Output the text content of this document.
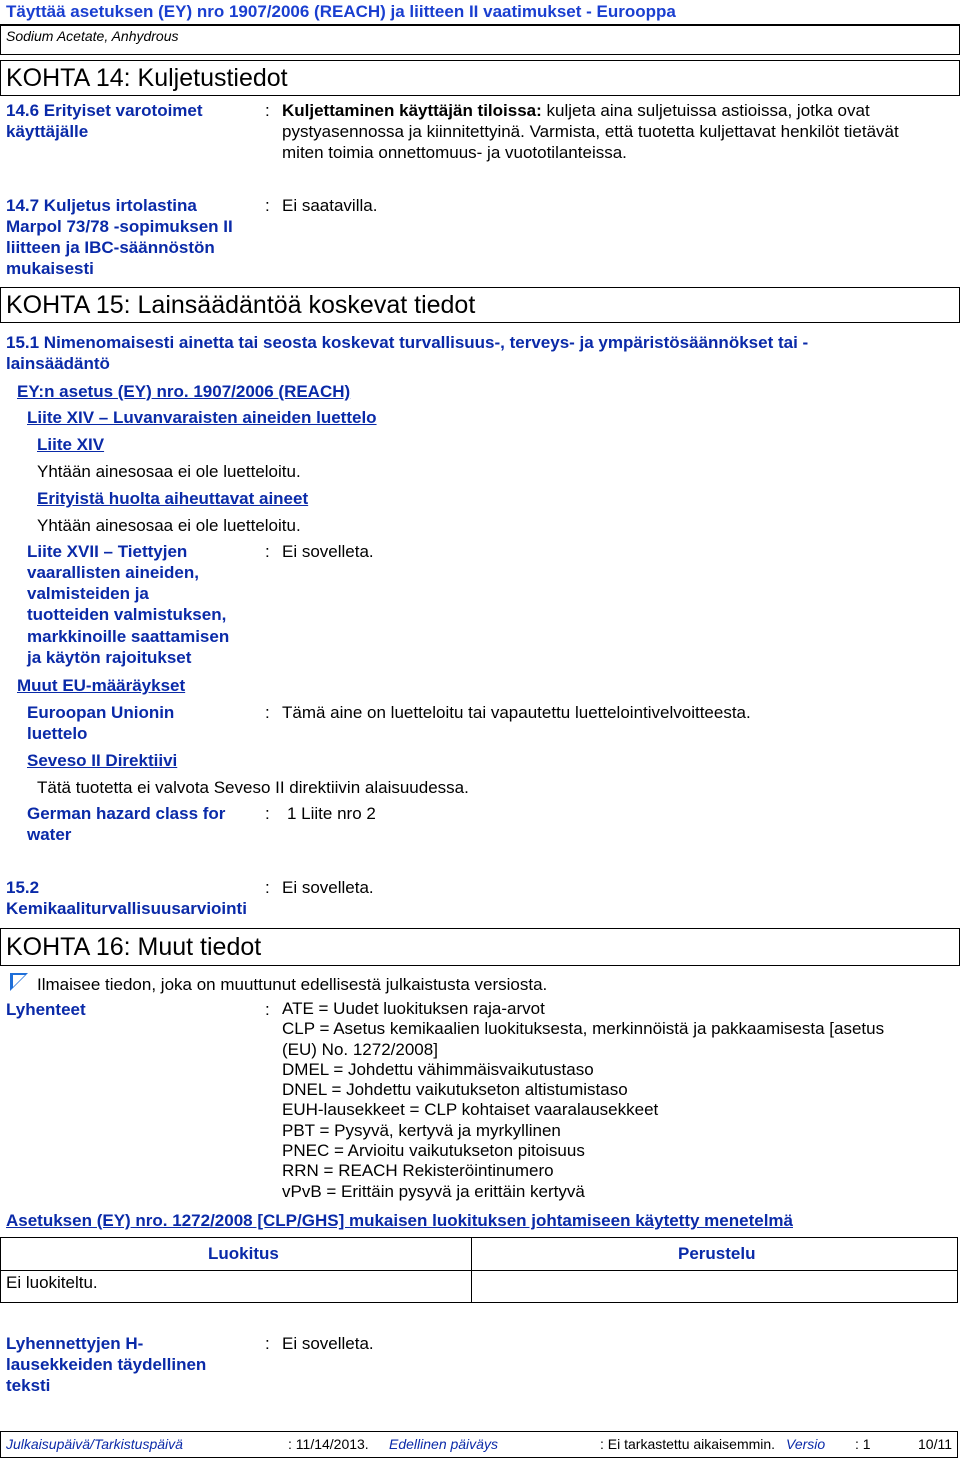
Täyttää asetuksen (EY) nro 1907/2006 (REACH) ja liitteen II vaatimukset - Eurooppa
Sodium Acetate, Anhydrous
KOHTA 14: Kuljetustiedot
14.6 Erityiset varotoimet
käyttäjälle
: Kuljettaminen käyttäjän tiloissa: kuljeta aina suljetuissa astioissa, jotka ovat
pystyasennossa ja kiinnitettyinä. Varmista, että tuotetta kuljettavat henkilöt tietävät
miten toimia onnettomuus- ja vuototilanteissa.
14.7 Kuljetus irtolastina
Marpol 73/78 -sopimuksen II
liitteen ja IBC-säännöstön
mukaisesti
: Ei saatavilla.
KOHTA 15: Lainsäädäntöä koskevat tiedot
15.1 Nimenomaisesti ainetta tai seosta koskevat turvallisuus-, terveys- ja ympäristösäännökset tai -
lainsäädäntö
EY:n asetus (EY) nro. 1907/2006 (REACH)
Liite XIV – Luvanvaraisten aineiden luettelo
Liite XIV
Yhtään ainesosaa ei ole luetteloitu.
Erityistä huolta aiheuttavat aineet
Yhtään ainesosaa ei ole luetteloitu.
Liite XVII – Tiettyjen
vaarallisten aineiden,
valmisteiden ja
tuotteiden valmistuksen,
markkinoille saattamisen
ja käytön rajoitukset
: Ei sovelleta.
Muut EU-määräykset
Euroopan Unionin
luettelo
: Tämä aine on luetteloitu tai vapautettu luettelointivelvoitteesta.
Seveso II Direktiivi
Tätä tuotetta ei valvota Seveso II direktiivin alaisuudessa.
German hazard class for
water
: 1 Liite nro 2
15.2
Kemikaaliturvallisuusarviointi
: Ei sovelleta.
KOHTA 16: Muut tiedot
Ilmaisee tiedon, joka on muuttunut edellisestä julkaistusta versiosta.
Lyhenteet	: ATE = Uudet luokituksen raja-arvot
CLP = Asetus kemikaalien luokituksesta, merkinnöistä ja pakkaamisesta [asetus
(EU) No. 1272/2008]
DMEL = Johdettu vähimmäisvaikutustaso
DNEL = Johdettu vaikutukseton altistumistaso
EUH-lausekkeet = CLP kohtaiset vaaralausekkeet
PBT = Pysyvä, kertyvä ja myrkyllinen
PNEC = Arvioitu vaikutukseton pitoisuus
RRN = REACH Rekisteröintinumero
vPvB = Erittäin pysyvä ja erittäin kertyvä
Asetuksen (EY) nro. 1272/2008 [CLP/GHS] mukaisen luokituksen johtamiseen käytetty menetelmä
Luokitus	Perustelu
Ei luokiteltu.
Lyhennettyjen H-
lausekkeiden täydellinen
teksti
: Ei sovelleta.
Julkaisupäivä/Tarkistuspäivä	: 11/14/2013. Edellinen päiväys	: Ei tarkastettu aikaisemmin. Versio : 1	10/11
